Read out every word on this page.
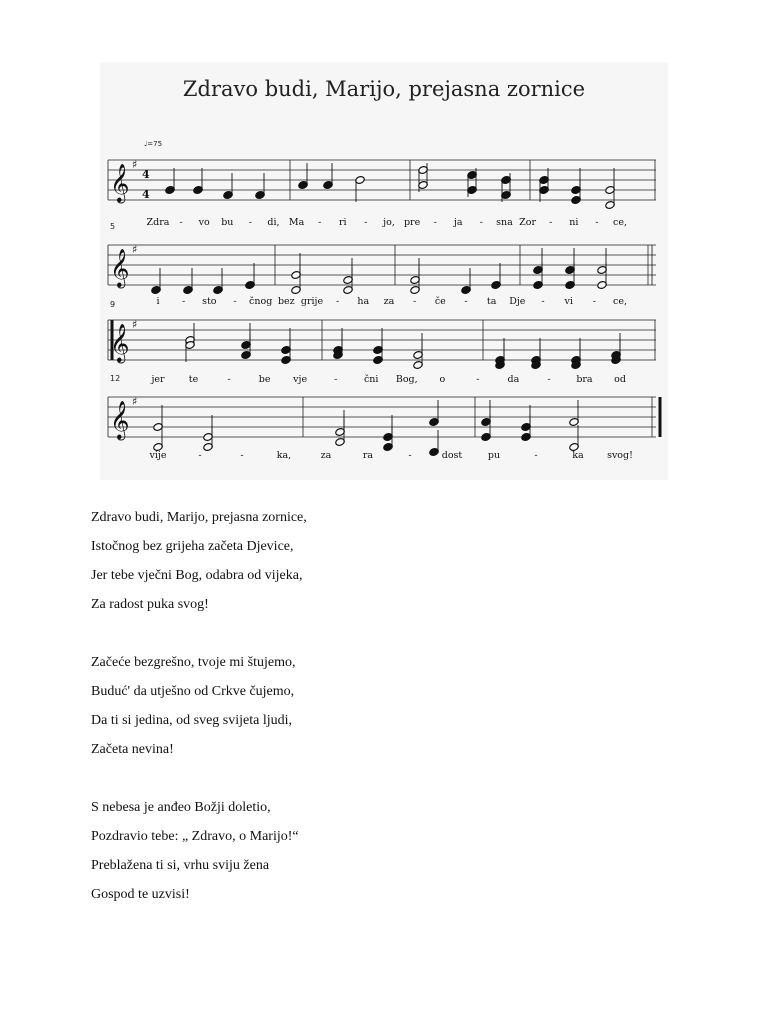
Zdravo budi, Marijo, prejasna zornice
♩=75
𝄞 ♯
4
4
𝄞 ♯
5
𝄞 ♯
9
𝄞 ♯
12
Zdra - vo bu - di, Ma - ri - jo, pre - ja - sna Zor - ni - ce,
i - sto - čnog bez grije - ha za - če - ta Dje - vi - ce,
jer	te	-	be vje	-	čni Bog, o	-	da	-	bra od
vije	-	-	ka,	za	ra	-	dost	pu	-	ka svog!
Zdravo budi, Marijo, prejasna zornice,
Istočnog bez grijeha začeta Djevice,
Jer tebe vječni Bog, odabra od vijeka,
Za radost puka svog!
Začeće bezgrešno, tvoje mi štujemo,
Buduć' da utješno od Crkve čujemo,
Da ti si jedina, od sveg svijeta ljudi,
Začeta nevina!
S nebesa je anđeo Božji doletio,
Pozdravio tebe: „ Zdravo, o Marijo!“
Preblažena ti si, vrhu sviju žena
Gospod te uzvisi!
